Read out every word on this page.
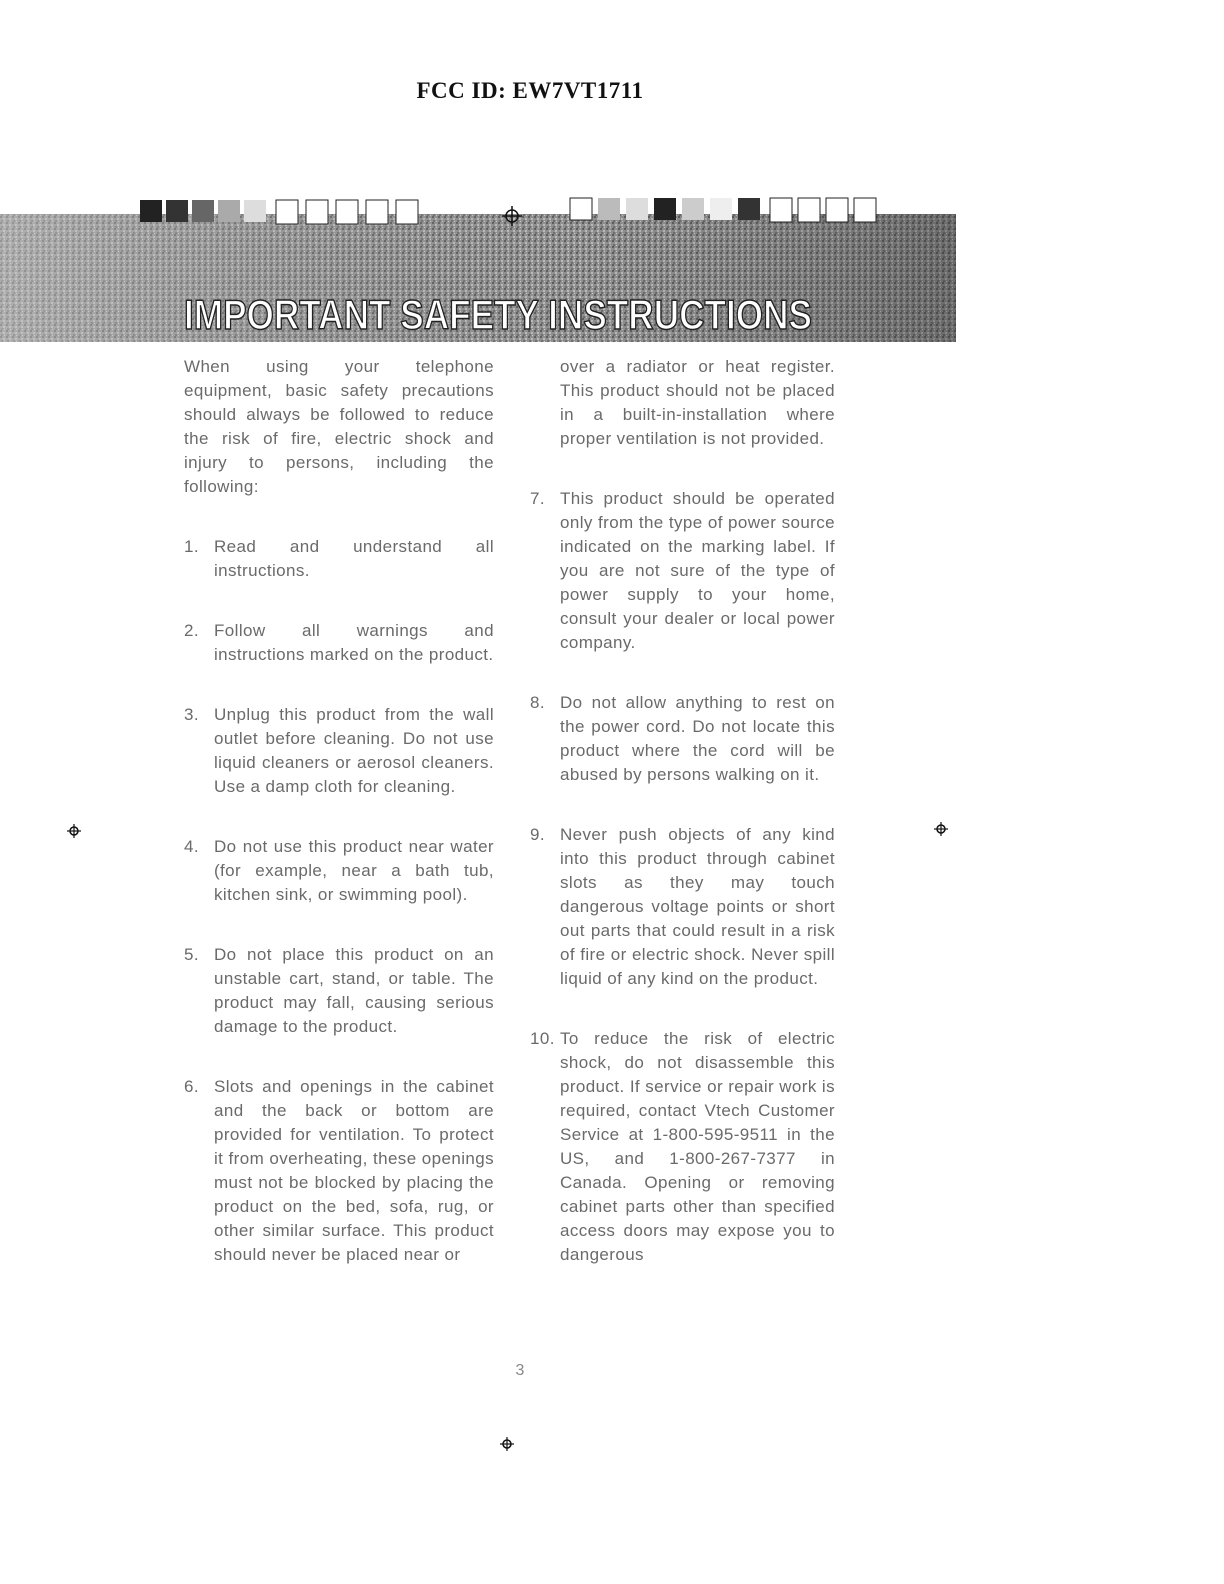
FCC ID: EW7VT1711
IMPORTANT SAFETY INSTRUCTIONS
When using your telephone equipment, basic safety precautions should always be followed to reduce the risk of fire, electric shock and injury to persons, including the following:
1. Read and understand all instructions.
2. Follow all warnings and instructions marked on the product.
3. Unplug this product from the wall outlet before cleaning. Do not use liquid cleaners or aerosol cleaners. Use a damp cloth for cleaning.
4. Do not use this product near water (for example, near a bath tub, kitchen sink, or swimming pool).
5. Do not place this product on an unstable cart, stand, or table. The product may fall, causing serious damage to the product.
6. Slots and openings in the cabinet and the back or bottom are provided for ventilation. To protect it from overheating, these openings must not be blocked by placing the product on the bed, sofa, rug, or other similar surface. This product should never be placed near or
over a radiator or heat register. This product should not be placed in a built-in-installation where proper ventilation is not provided.
7. This product should be operated only from the type of power source indicated on the marking label. If you are not sure of the type of power supply to your home, consult your dealer or local power company.
8. Do not allow anything to rest on the power cord. Do not locate this product where the cord will be abused by persons walking on it.
9. Never push objects of any kind into this product through cabinet slots as they may touch dangerous voltage points or short out parts that could result in a risk of fire or electric shock. Never spill liquid of any kind on the product.
10. To reduce the risk of electric shock, do not disassemble this product. If service or repair work is required, contact Vtech Customer Service at 1-800-595-9511 in the US, and 1-800-267-7377 in Canada. Opening or removing cabinet parts other than specified access doors may expose you to dangerous
3
